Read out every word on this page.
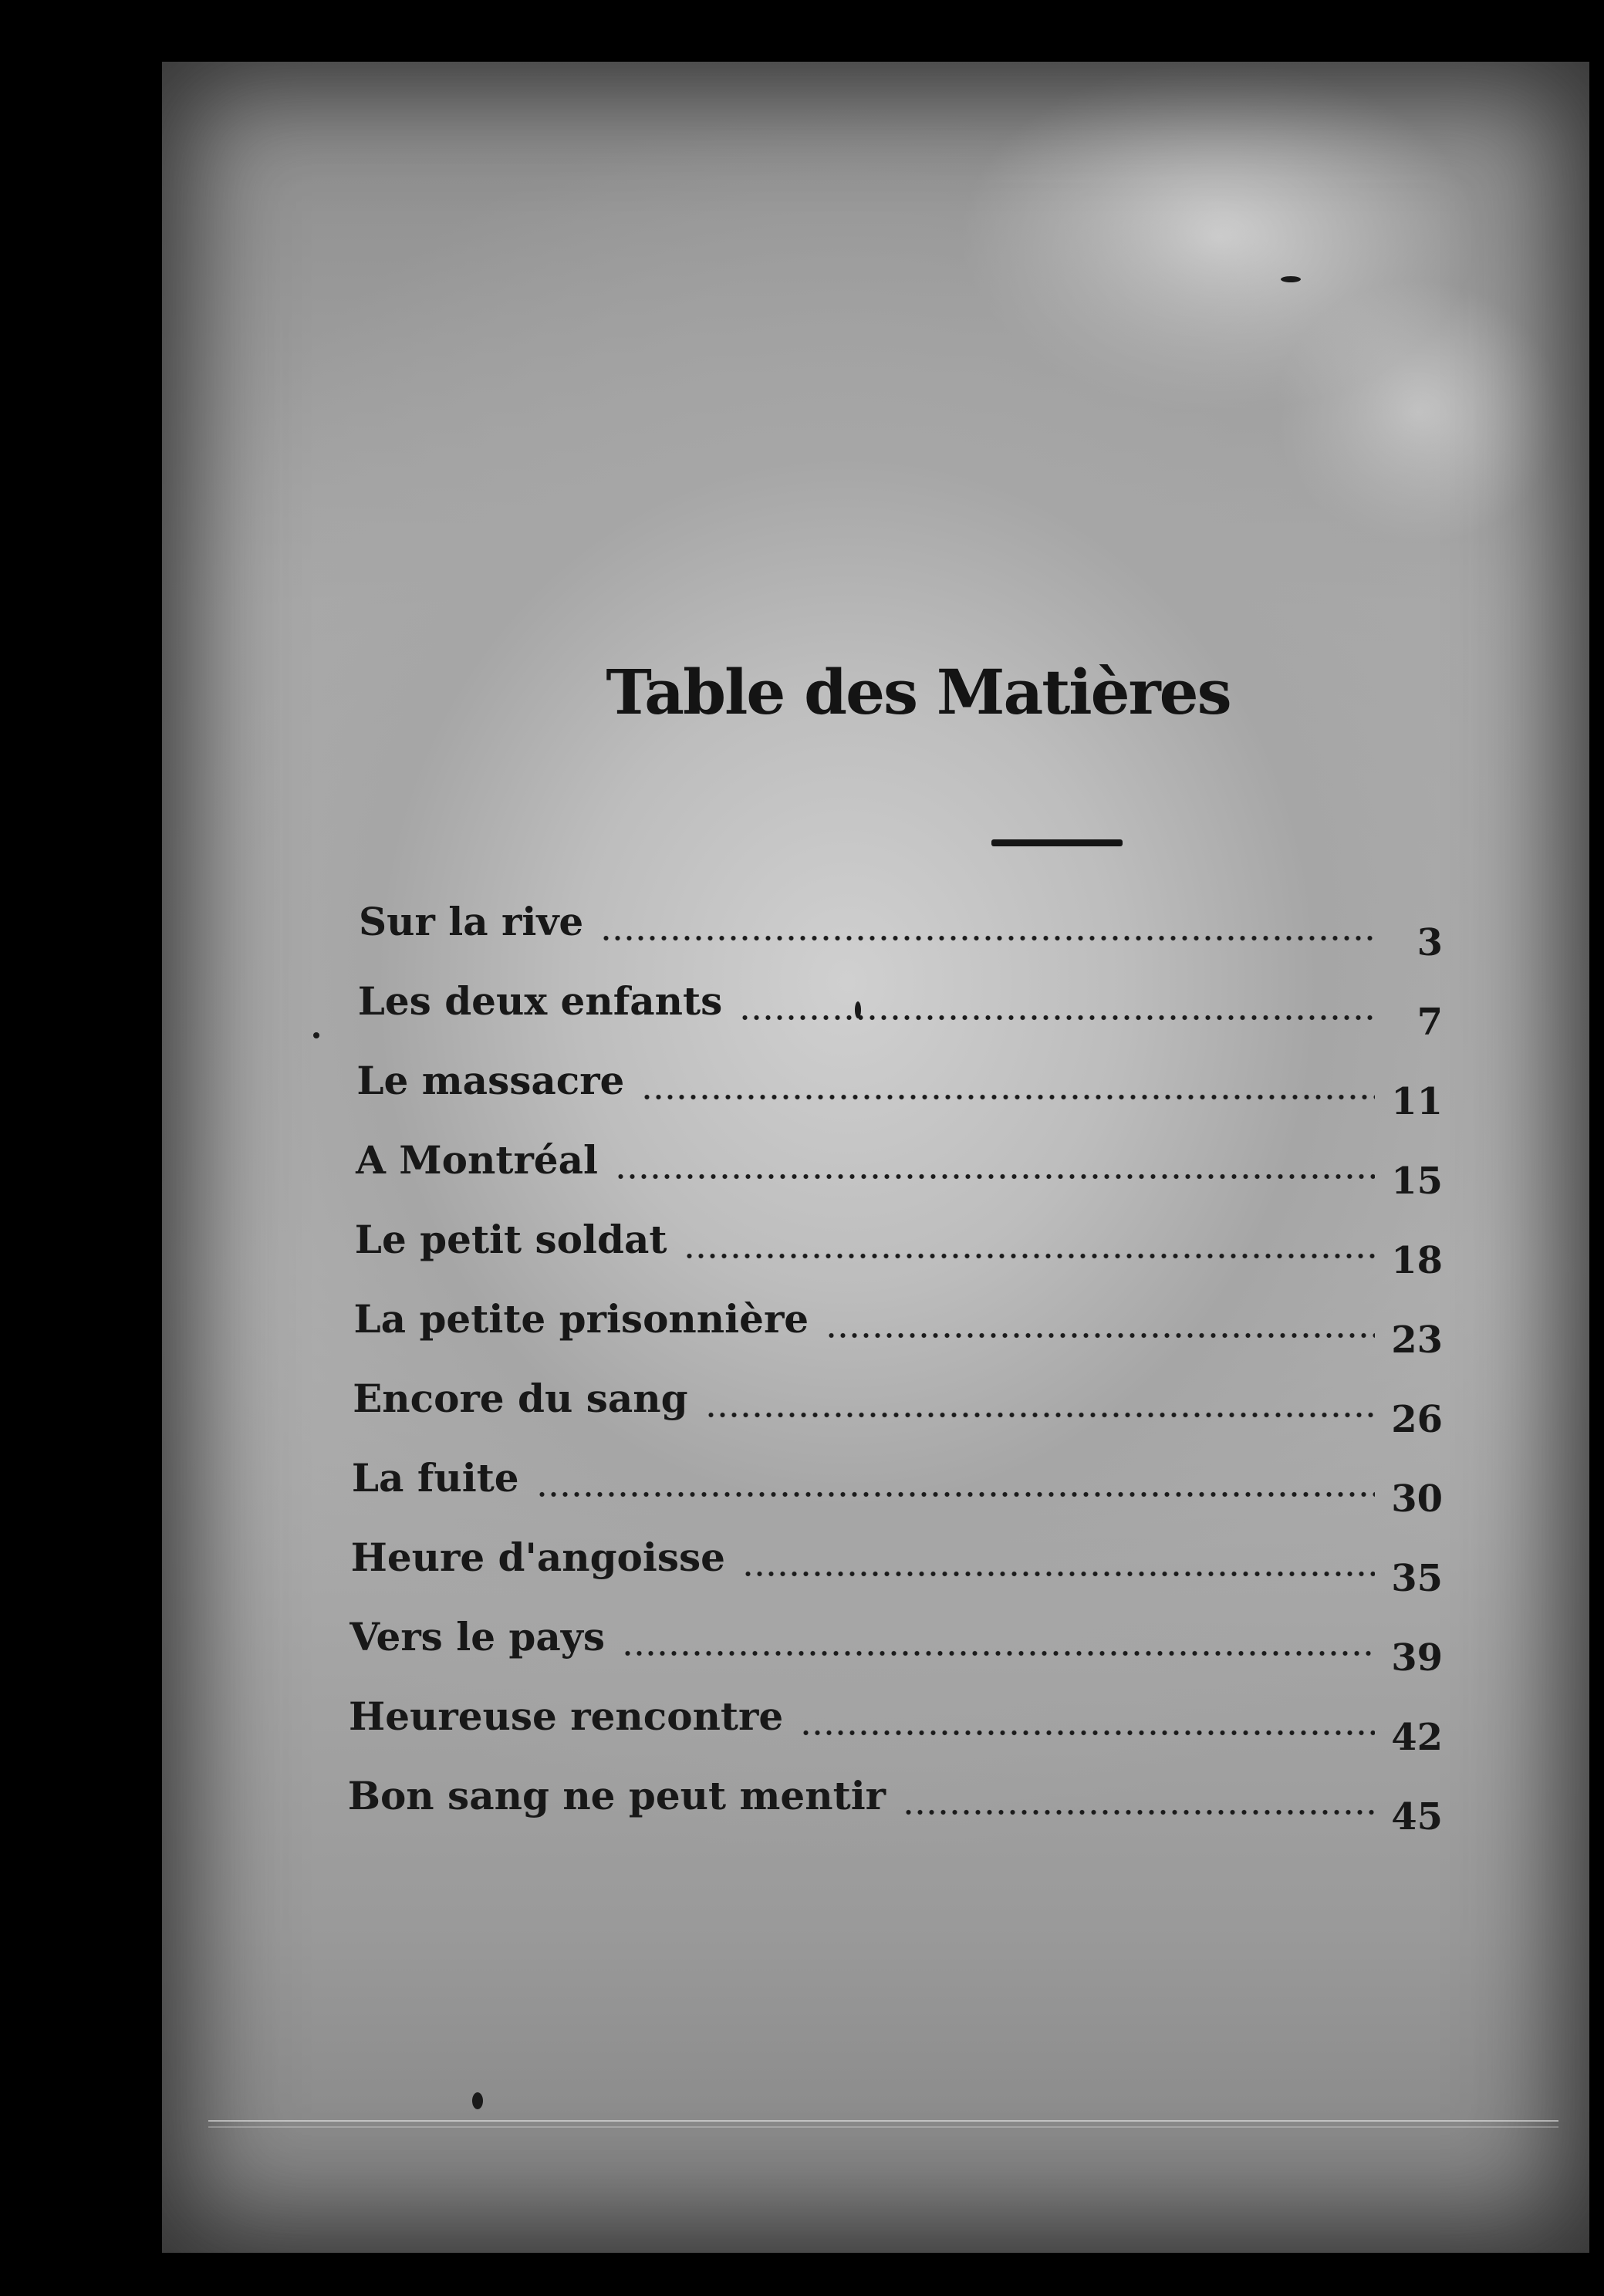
Table des Matières
Sur la rive	3
Les deux enfants	7
Le massacre	11
A Montréal	15
Le petit soldat	18
La petite prisonnière	23
Encore du sang	26
La fuite	30
Heure d'angoisse	35
Vers le pays	39
Heureuse rencontre	42
Bon sang ne peut mentir	45
